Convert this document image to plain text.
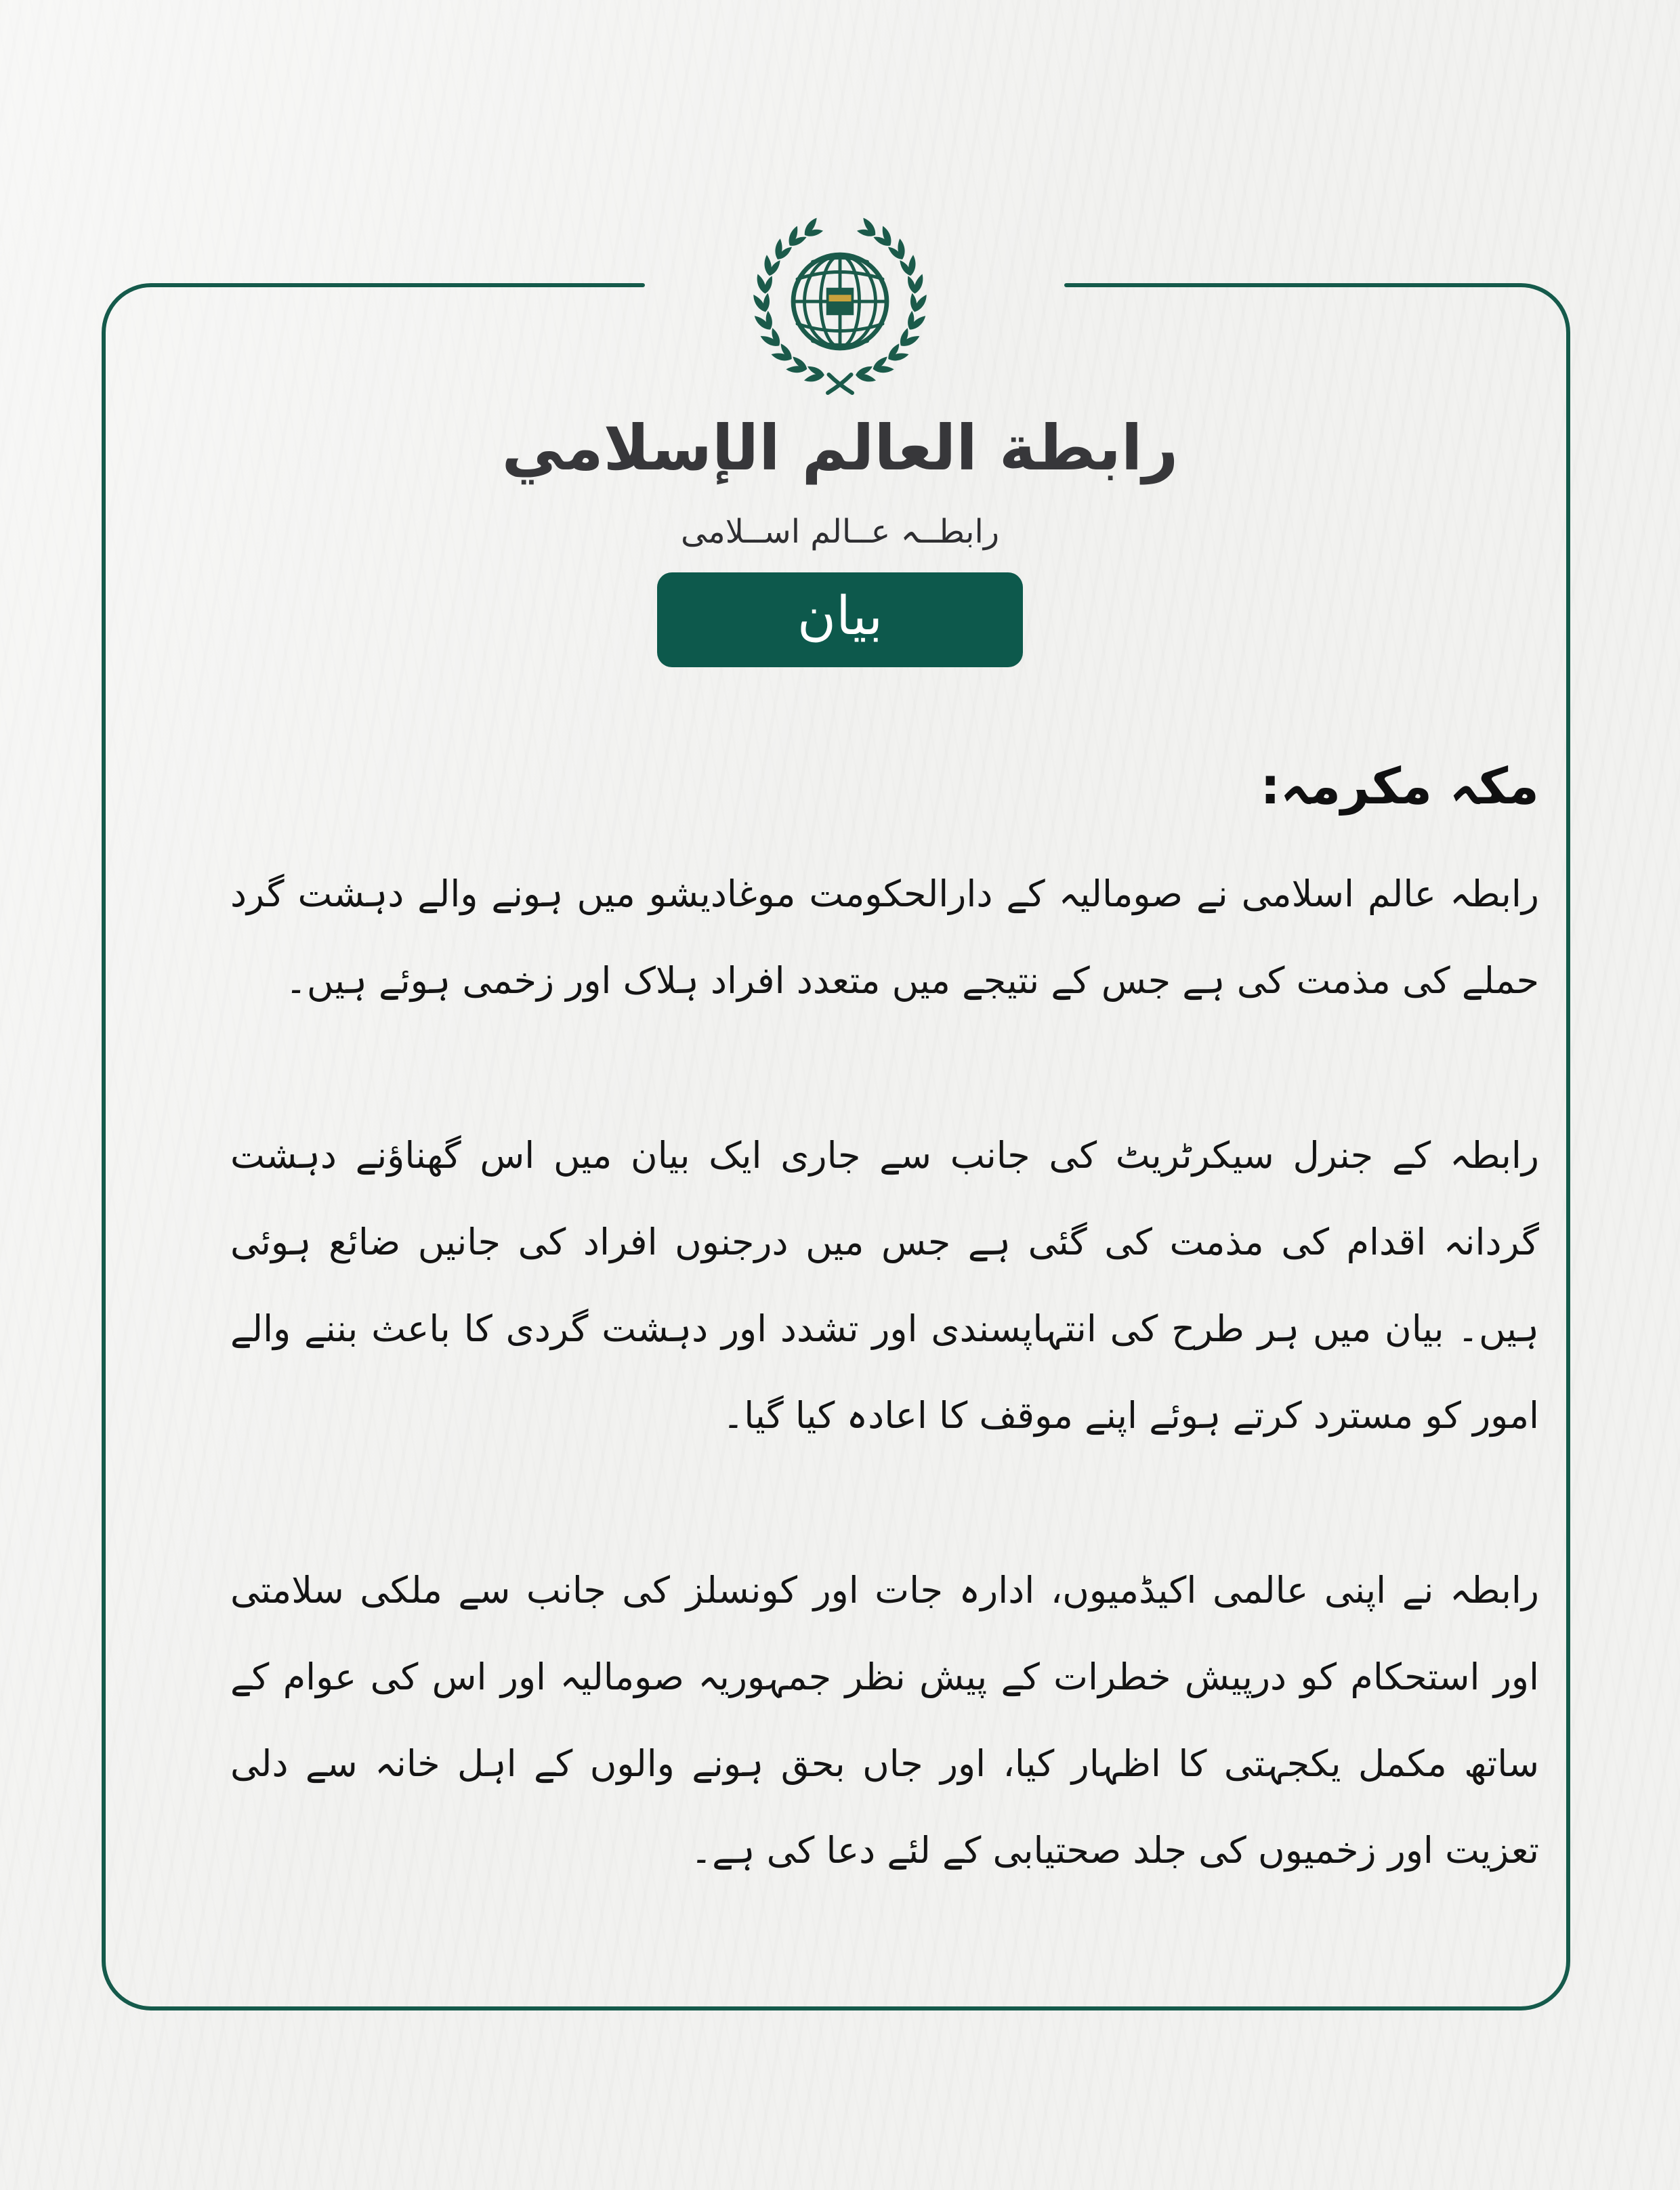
رابطة العالم الإسلامي
رابطــہ عــالم اســلامی
بيان
مکہ مکرمہ:

رابطہ عالم اسلامی نے صومالیہ کے دارالحکومت موغادیشو میں ہونے والے دہشت گرد حملے کی مذمت کی ہے جس کے نتیجے میں متعدد افراد ہلاک اور زخمی ہوئے ہیں۔

رابطہ کے جنرل سیکرٹریٹ کی جانب سے جاری ایک بیان میں اس گھناؤنے دہشت گردانہ اقدام کی مذمت کی گئی ہے جس میں درجنوں افراد کی جانیں ضائع ہوئی ہیں۔ بیان میں ہر طرح کی انتہاپسندی اور تشدد اور دہشت گردی کا باعث بننے والے امور کو مسترد کرتے ہوئے اپنے موقف کا اعادہ کیا گیا۔

رابطہ نے اپنی عالمی اکیڈمیوں، ادارہ جات اور کونسلز کی جانب سے ملکی سلامتی اور استحکام کو درپیش خطرات کے پیش نظر جمہوریہ صومالیہ اور اس کی عوام کے ساتھ مکمل یکجہتی کا اظہار کیا، اور جاں بحق ہونے والوں کے اہل خانہ سے دلی تعزیت اور زخمیوں کی جلد صحتیابی کے لئے دعا کی ہے۔
